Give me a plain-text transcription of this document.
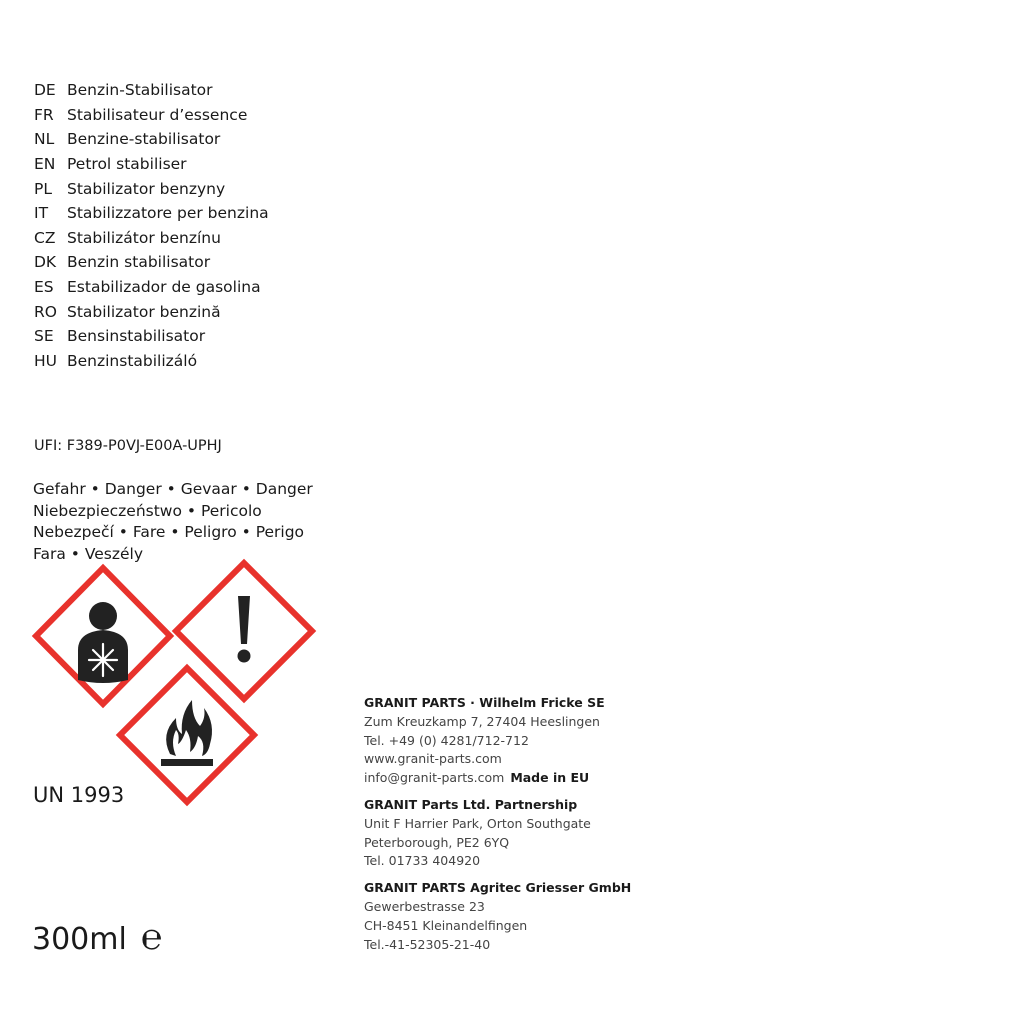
DE Benzin-Stabilisator
FR Stabilisateur d’essence
NL Benzine-stabilisator
EN Petrol stabiliser
PL Stabilizator benzyny
IT	Stabilizzatore per benzina
CZ Stabilizátor benzínu
DK Benzin stabilisator
ES Estabilizador de gasolina
RO Stabilizator benzină
SE Bensinstabilisator
HU Benzinstabilizáló
UFI: F389-P0VJ-E00A-UPHJ
Gefahr • Danger • Gevaar • Danger
Niebezpieczeństwo • Pericolo
Nebezpečí • Fare • Peligro • Perigo
Fara • Veszély
UN 1993
300ml ℮
GRANIT PARTS · Wilhelm Fricke SE
Zum Kreuzkamp 7, 27404 Heeslingen
Tel. +49 (0) 4281/712-712
www.granit-parts.com
info@granit-parts.com Made in EU
GRANIT Parts Ltd. Partnership
Unit F Harrier Park, Orton Southgate
Peterborough, PE2 6YQ
Tel. 01733 404920
GRANIT PARTS Agritec Griesser GmbH
Gewerbestrasse 23
CH-8451 Kleinandelfingen
Tel.-41-52305-21-40
